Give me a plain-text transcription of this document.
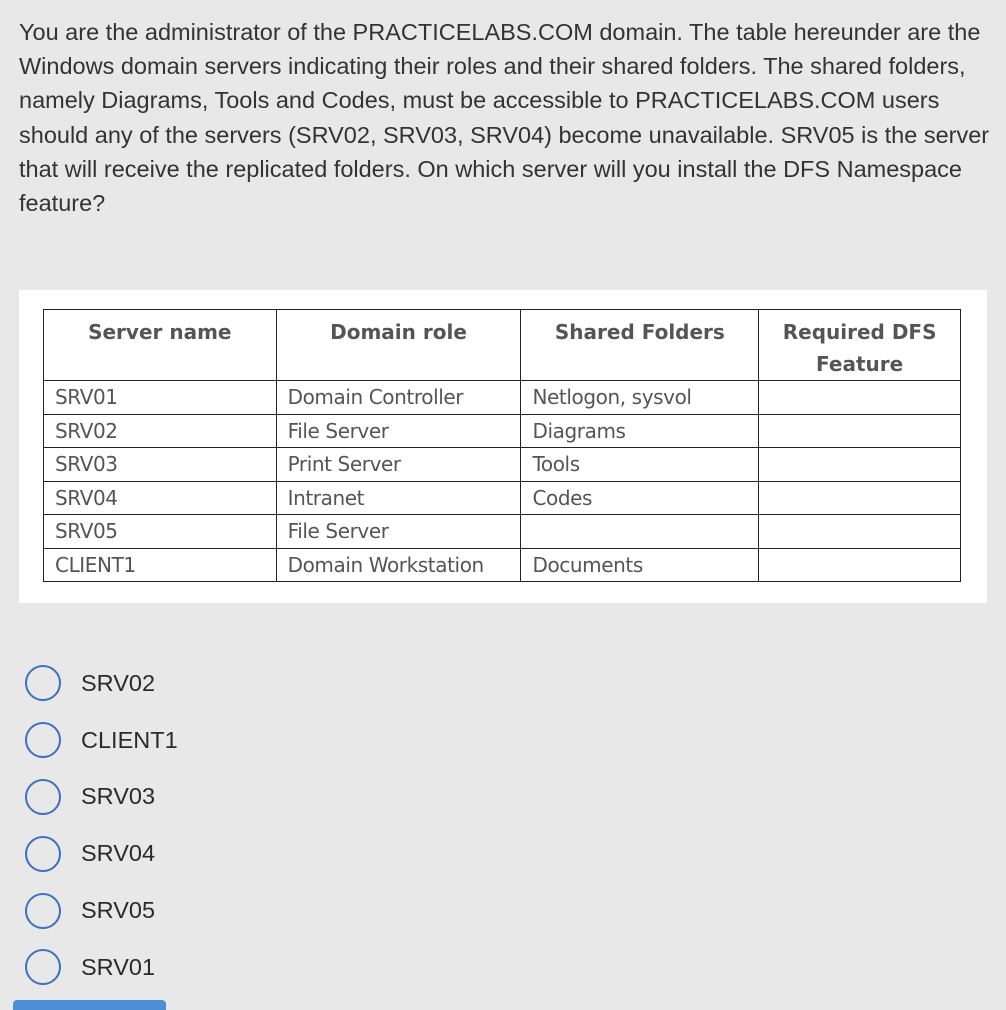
You are the administrator of the PRACTICELABS.COM domain. The table hereunder are the Windows domain servers indicating their roles and their shared folders. The shared folders, namely Diagrams, Tools and Codes, must be accessible to PRACTICELABS.COM users should any of the servers (SRV02, SRV03, SRV04) become unavailable. SRV05 is the server that will receive the replicated folders. On which server will you install the DFS Namespace feature?

Server name	Domain role	Shared Folders	Required DFS Feature
SRV01	Domain Controller	Netlogon, sysvol	
SRV02	File Server	Diagrams	
SRV03	Print Server	Tools	
SRV04	Intranet	Codes	
SRV05	File Server		
CLIENT1	Domain Workstation	Documents	
SRV02
CLIENT1
SRV03
SRV04
SRV05
SRV01
